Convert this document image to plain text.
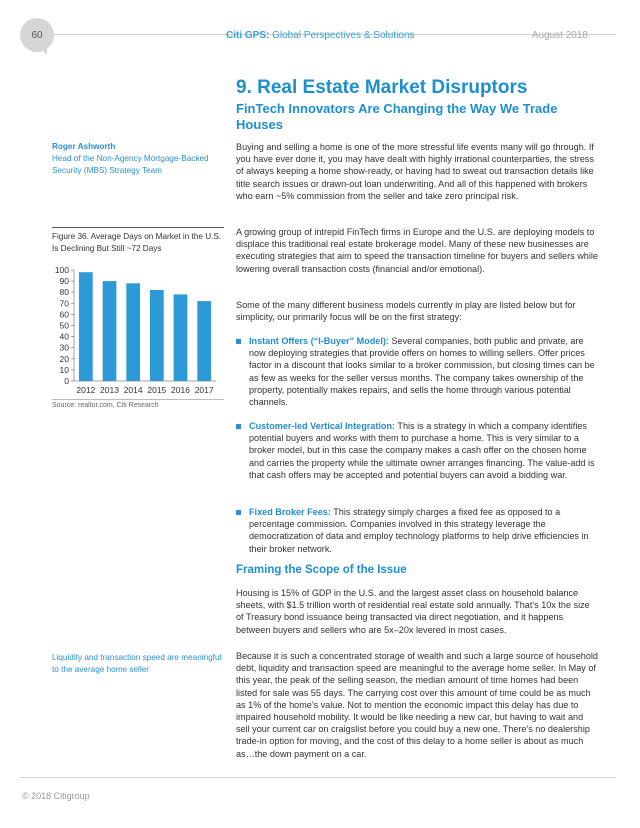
60	Citi GPS: Global Perspectives & Solutions	August 2018
9. Real Estate Market Disruptors
FinTech Innovators Are Changing the Way We Trade Houses
Roger Ashworth
Head of the Non-Agency Mortgage-Backed Security (MBS) Strategy Team

Buying and selling a home is one of the more stressful life events many will go through. If you have ever done it, you may have dealt with highly irrational counterparties, the stress of always keeping a home show-ready, or having had to sweat out transaction details like title search issues or drawn-out loan underwriting. And all of this happened with brokers who earn ~5% commission from the seller and take zero principal risk.

A growing group of intrepid FinTech firms in Europe and the U.S. are deploying models to displace this traditional real estate brokerage model. Many of these new businesses are executing strategies that aim to speed the transaction timeline for buyers and sellers while lowering overall transaction costs (financial and/or emotional).

Some of the many different business models currently in play are listed below but for simplicity, our primarily focus will be on the first strategy:

Instant Offers (“I-Buyer” Model): Several companies, both public and private, are now deploying strategies that provide offers on homes to willing sellers. Offer prices factor in a discount that looks similar to a broker commission, but closing times can be as few as weeks for the seller versus months. The company takes ownership of the property, potentially makes repairs, and sells the home through various potential channels.
Customer-led Vertical Integration: This is a strategy in which a company identifies potential buyers and works with them to purchase a home. This is very similar to a broker model, but in this case the company makes a cash offer on the chosen home and carries the property while the ultimate owner arranges financing. The value-add is that cash offers may be accepted and potential buyers can avoid a bidding war.
Fixed Broker Fees: This strategy simply charges a fixed fee as opposed to a percentage commission. Companies involved in this strategy leverage the democratization of data and employ technology platforms to help drive efficiencies in their broker network.
Framing the Scope of the Issue

Housing is 15% of GDP in the U.S. and the largest asset class on household balance sheets, with $1.5 trillion worth of residential real estate sold annually. That's 10x the size of Treasury bond issuance being transacted via direct negotiation, and it happens between buyers and sellers who are 5x–20x levered in most cases.

Because it is such a concentrated storage of wealth and such a large source of household debt, liquidity and transaction speed are meaningful to the average home seller. In May of this year, the peak of the selling season, the median amount of time homes had been listed for sale was 55 days. The carrying cost over this amount of time could be as much as 1% of the home's value. Not to mention the economic impact this delay has due to impaired household mobility. It would be like needing a new car, but having to wait and sell your current car on craigslist before you could buy a new one. There's no dealership trade-in option for moving, and the cost of this delay to a home seller is about as much as…the down payment on a car.

Liquidity and transaction speed are meaningful to the average home seller
Figure 36. Average Days on Market in the U.S. Is Declining But Still ~72 Days
0
10
20
30
40
50
60
70
80
90
100
2012 2013 2014 2015 2016 2017
Source: realtor.com, Citi Research
© 2018 Citigroup
